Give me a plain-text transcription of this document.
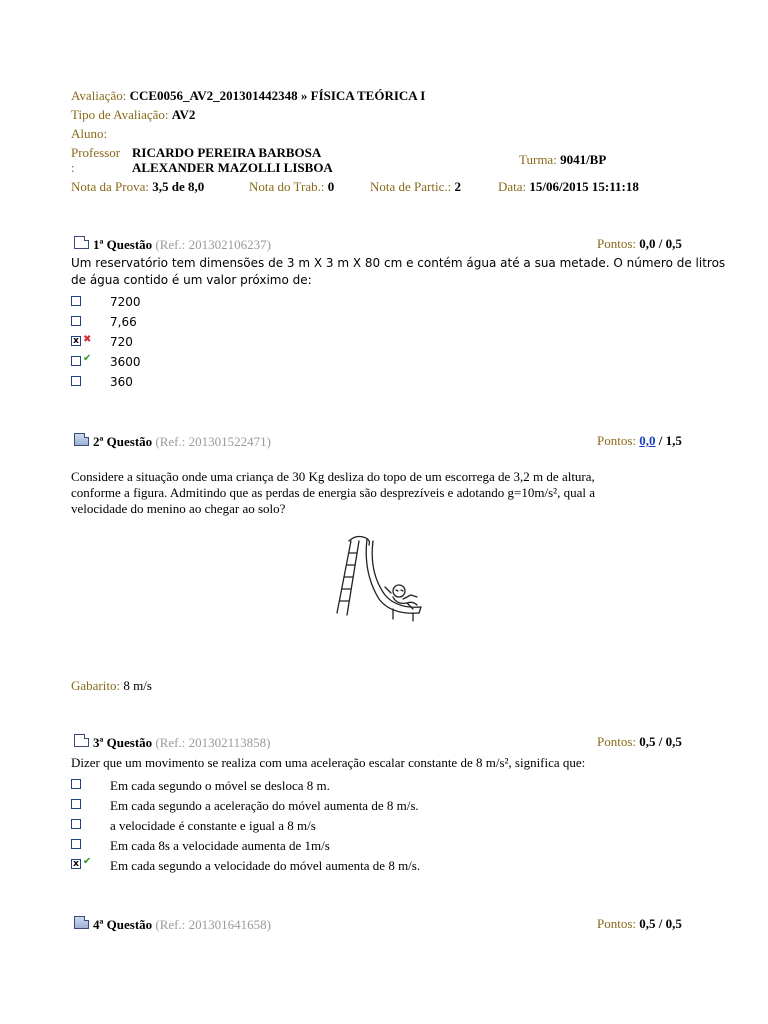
Avaliação: CCE0056_AV2_201301442348 » FÍSICA TEÓRICA I
Tipo de Avaliação: AV2
Aluno:
Professor
:
RICARDO PEREIRA BARBOSA
ALEXANDER MAZOLLI LISBOA
Turma: 9041/BP
Nota da Prova: 3,5 de 8,0	Nota do Trab.: 0	Nota de Partic.: 2	Data: 15/06/2015 15:11:18
1ª Questão (Ref.: 201302106237)	Pontos: 0,0 / 0,5
Um reservatório tem dimensões de 3 m X 3 m X 80 cm e contém água até a sua metade. O número de litros
de água contido é um valor próximo de:
7200
7,66
x ✖ 720
✔ 3600
360
2ª Questão (Ref.: 201301522471)	Pontos: 0,0 / 1,5
Considere a situação onde uma criança de 30 Kg desliza do topo de um escorrega de 3,2 m de altura,
conforme a figura. Admitindo que as perdas de energia são desprezíveis e adotando g=10m/s², qual a
velocidade do menino ao chegar ao solo?
Gabarito: 8 m/s
3ª Questão (Ref.: 201302113858)	Pontos: 0,5 / 0,5
Dizer que um movimento se realiza com uma aceleração escalar constante de 8 m/s², significa que:
Em cada segundo o móvel se desloca 8 m.
Em cada segundo a aceleração do móvel aumenta de 8 m/s.
a velocidade é constante e igual a 8 m/s
Em cada 8s a velocidade aumenta de 1m/s
x ✔ Em cada segundo a velocidade do móvel aumenta de 8 m/s.
4ª Questão (Ref.: 201301641658)	Pontos: 0,5 / 0,5
